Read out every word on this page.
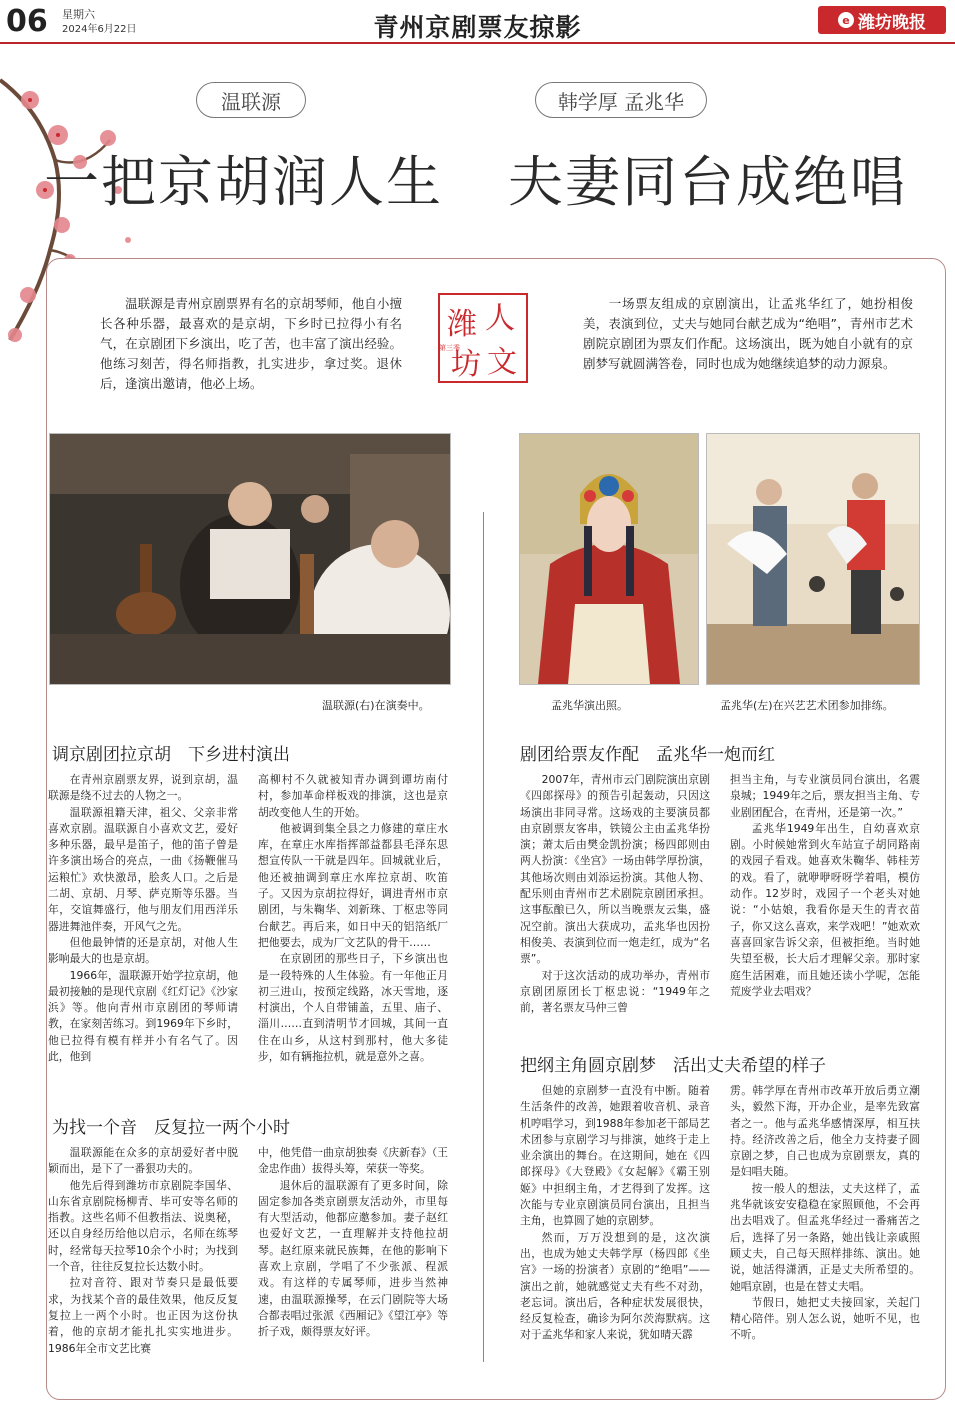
06 星期六
2024年6月22日	青州京剧票友掠影	e 潍坊晚报
温联源	韩学厚 孟兆华
一把京胡润人生 夫妻同台成绝唱
温联源是青州京剧票界有名的京胡琴师，他自小擅长各种乐器，最喜欢的是京胡，下乡时已拉得小有名气，在京剧团下乡演出，吃了苦，也丰富了演出经验。他练习刻苦，得名师指教，扎实进步，拿过奖。退休后，逢演出邀请，他必上场。
一场票友组成的京剧演出，让孟兆华红了，她扮相俊美，表演到位，丈夫与她同台献艺成为“绝唱”，青州市艺术剧院京剧团为票友们作配。这场演出，既为她自小就有的京剧梦写就圆满答卷，同时也成为她继续追梦的动力源泉。
潍 人
坊 文
第三季
温联源(右)在演奏中。	孟兆华演出照。	孟兆华(左)在兴艺艺术团参加排练。
调京剧团拉京胡　下乡进村演出

在青州京剧票友界，说到京胡，温联源是绕不过去的人物之一。

温联源祖籍天津，祖父、父亲非常喜欢京剧。温联源自小喜欢文艺，爱好多种乐器，最早是笛子，他的笛子曾是许多演出场合的亮点，一曲《扬鞭催马运粮忙》欢快激昂，脍炙人口。之后是二胡、京胡、月琴、萨克斯等乐器。当年，交谊舞盛行，他与朋友们用西洋乐器进舞池伴奏，开风气之先。

但他最钟情的还是京胡，对他人生影响最大的也是京胡。

1966年，温联源开始学拉京胡，他最初接触的是现代京剧《红灯记》《沙家浜》等。他向青州市京剧团的琴师请教，在家刻苦练习。到1969年下乡时，他已拉得有模有样并小有名气了。因此，他到

高柳村不久就被知青办调到谭坊南付村，参加革命样板戏的排演，这也是京胡改变他人生的开始。

他被调到集全县之力修建的章庄水库，在章庄水库指挥部益都县毛泽东思想宣传队一干就是四年。回城就业后，他还被抽调到章庄水库拉京胡、吹笛子。又因为京胡拉得好，调进青州市京剧团，与朱鞠华、刘新珠、丁枢忠等同台献艺。再后来，如日中天的铝箔纸厂把他要去，成为厂文艺队的骨干……

在京剧团的那些日子，下乡演出也是一段特殊的人生体验。有一年他正月初三进山，按预定线路，冰天雪地，逐村演出，个人自带铺盖，五里、庙子、淄川……直到清明节才回城，其间一直住在山乡，从这村到那村，他大多徒步，如有辆拖拉机，就是意外之喜。

为找一个音　反复拉一两个小时

温联源能在众多的京胡爱好者中脱颖而出，是下了一番狠功夫的。

他先后得到潍坊市京剧院李国华、山东省京剧院杨柳青、毕可安等名师的指教。这些名师不但教指法、说奥秘，还以自身经历给他以启示，名师在练琴时，经常每天拉琴10余个小时；为找到一个音，往往反复拉长达数小时。

拉对音符、跟对节奏只是最低要求，为找某个音的最佳效果，他反反复复拉上一两个小时。也正因为这份执着，他的京胡才能扎扎实实地进步。1986年全市文艺比赛

中，他凭借一曲京胡独奏《庆新春》（王金忠作曲）拔得头筹，荣获一等奖。

退休后的温联源有了更多时间，除固定参加各类京剧票友活动外，市里每有大型活动，他都应邀参加。妻子赵红也爱好文艺，一直理解并支持他拉胡琴。赵红原来就民族舞，在他的影响下喜欢上京剧，学唱了不少张派、程派戏。有这样的专属琴师，进步当然神速，由温联源操琴，在云门剧院等大场合都表唱过张派《西厢记》《望江亭》等折子戏，颇得票友好评。

剧团给票友作配　孟兆华一炮而红

2007年，青州市云门剧院演出京剧《四郎探母》的预告引起轰动，只因这场演出非同寻常。这场戏的主要演员都由京剧票友客串，铁镜公主由孟兆华扮演；萧太后由樊金凯扮演；杨四郎则由两人扮演：《坐宫》一场由韩学厚扮演，其他场次则由刘添运扮演。其他人物、配乐则由青州市艺术剧院京剧团承担。这事酝酿已久，所以当晚票友云集，盛况空前。演出大获成功，孟兆华也因扮相俊美、表演到位而一炮走红，成为“名票”。

对于这次活动的成功举办，青州市京剧团原团长丁枢忠说：“1949年之前，著名票友马仲三曾

担当主角，与专业演员同台演出，名震泉城；1949年之后，票友担当主角、专业剧团配合，在青州，还是第一次。”

孟兆华1949年出生，自幼喜欢京剧。小时候她常到火车站宣子胡同路南的戏园子看戏。她喜欢朱鞠华、韩桂芳的戏。看了，就咿咿呀呀学着唱，模仿动作。12岁时，戏园子一个老头对她说：“小姑娘，我看你是天生的青衣苗子，你又这么喜欢，来学戏吧！”她欢欢喜喜回家告诉父亲，但被拒绝。当时她失望至极，长大后才理解父亲。那时家庭生活困难，而且她还读小学呢，怎能荒废学业去唱戏？

把纲主角圆京剧梦　活出丈夫希望的样子

但她的京剧梦一直没有中断。随着生活条件的改善，她跟着收音机、录音机哼唱学习，到1988年参加老干部局艺术团参与京剧学习与排演，她终于走上业余演出的舞台。在这期间，她在《四郎探母》《大登殿》《女起解》《霸王别姬》中担纲主角，才艺得到了发挥。这次能与专业京剧演员同台演出，且担当主角，也算圆了她的京剧梦。

然而，万万没想到的是，这次演出，也成为她丈夫韩学厚（杨四郎《坐宫》一场的扮演者）京剧的“绝唱”——演出之前，她就感觉丈夫有些不对劲，老忘词。演出后，各种症状发展很快，经反复检查，确诊为阿尔茨海默病。这对于孟兆华和家人来说，犹如晴天霹

雳。韩学厚在青州市改革开放后勇立潮头，毅然下海，开办企业，是率先致富者之一。他与孟兆华感情深厚，相互扶持。经济改善之后，他全力支持妻子圆京剧之梦，自己也成为京剧票友，真的是妇唱夫随。

按一般人的想法，丈夫这样了，孟兆华就该安安稳稳在家照顾他，不会再出去唱戏了。但孟兆华经过一番痛苦之后，选择了另一条路，她出钱让亲戚照顾丈夫，自己每天照样排练、演出。她说，她活得潇洒，正是丈夫所希望的。她唱京剧，也是在替丈夫唱。

节假日，她把丈夫接回家，关起门精心陪伴。别人怎么说，她听不见，也不听。
